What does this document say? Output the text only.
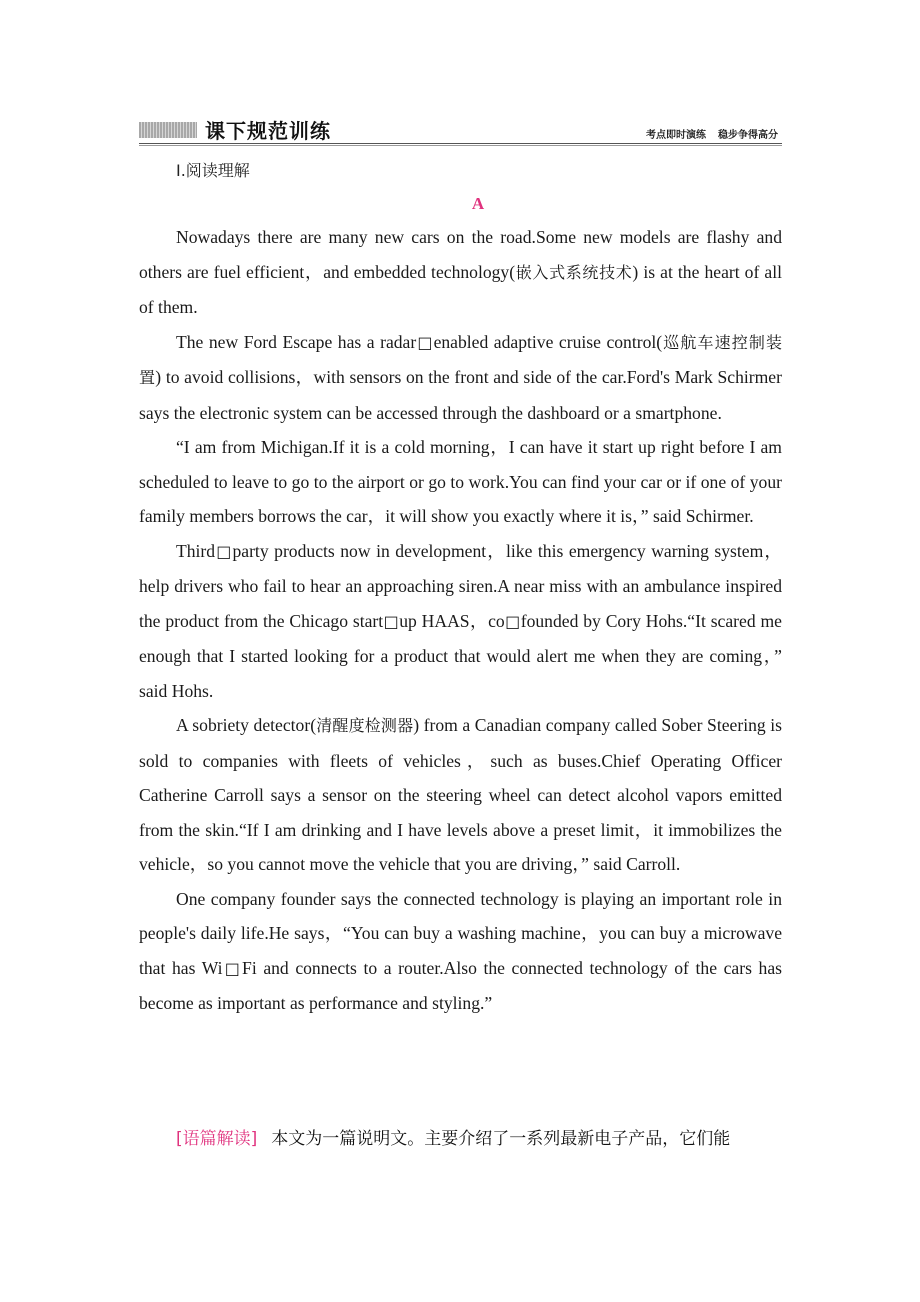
课下规范训练	考点即时演练 稳步争得高分
Ⅰ.阅读理解
A

Nowadays there are many new cars on the road.Some new models are flashy and others are fuel efficient，and embedded technology(嵌入式系统技术) is at the heart of all of them.

The new Ford Escape has a radar□enabled adaptive cruise control(巡航车速控制装置) to avoid collisions，with sensors on the front and side of the car.Ford's Mark Schirmer says the electronic system can be accessed through the dashboard or a smartphone.

“I am from Michigan.If it is a cold morning，I can have it start up right before I am scheduled to leave to go to the airport or go to work.You can find your car or if one of your family members borrows the car，it will show you exactly where it is，” said Schirmer.

Third□party products now in development，like this emergency warning system，help drivers who fail to hear an approaching siren.A near miss with an ambulance inspired the product from the Chicago start□up HAAS，co□founded by Cory Hohs.“It scared me enough that I started looking for a product that would alert me when they are coming，” said Hohs.

A sobriety detector(清醒度检测器) from a Canadian company called Sober Steering is sold to companies with fleets of vehicles，such as buses.Chief Operating Officer Catherine Carroll says a sensor on the steering wheel can detect alcohol vapors emitted from the skin.“If I am drinking and I have levels above a preset limit，it immobilizes the vehicle，so you cannot move the vehicle that you are driving，” said Carroll.

One company founder says the connected technology is playing an important role in people's daily life.He says，“You can buy a washing machine，you can buy a microwave that has Wi□Fi and connects to a router.Also the connected technology of the cars has become as important as performance and styling.”

[语篇解读] 本文为一篇说明文。主要介绍了一系列最新电子产品，它们能
